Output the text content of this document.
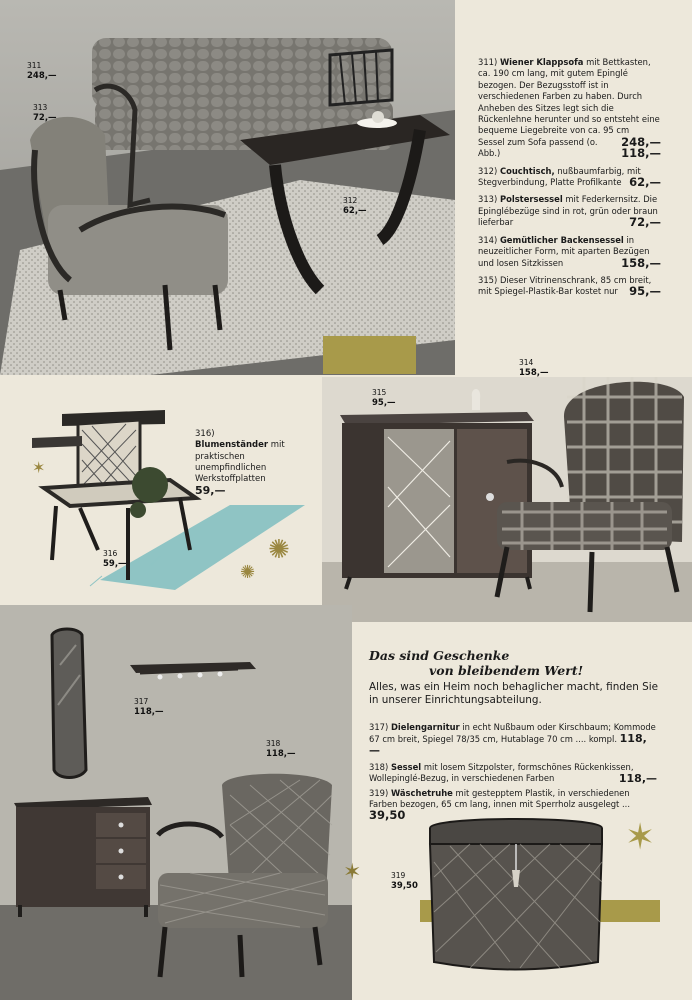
311
248,—
313
72,—
312
62,—

311) Wiener Klappsofa mit Bettkasten, ca. 190 cm lang, mit gutem Epinglé bezogen. Der Bezugsstoff ist in verschiedenen Farben zu haben. Durch Anheben des Sitzes legt sich die Rückenlehne herunter und so entsteht eine bequeme Liegebreite von ca. 95 cm
248,—

Sessel zum Sofa passend (o. Abb.)	118,—

312) Couchtisch, nußbaumfarbig, mit Stegverbindung, Platte Profilkante 62,—

313) Polstersessel mit Federkernsitz. Die Epinglébezüge sind in rot, grün oder braun lieferbar	72,—

314) Gemütlicher Backensessel in neuzeitlicher Form, mit aparten Bezügen und losen Sitzkissen	158,—

315) Dieser Vitrinenschrank, 85 cm breit, mit Spiegel-Plastik-Bar kostet nur 95,—

✶
✺
✺
316) Blumenständer mit praktischen unempfindlichen Werkstoffplatten 59,—
316
59,—
315
95,—
314
158,—
317
118,—
318
118,—
Das sind Geschenke
von bleibendem Wert!
Alles, was ein Heim noch behaglicher macht, finden Sie in unserer Einrichtungsabteilung.
317) Dielengarnitur in echt Nußbaum oder Kirschbaum; Kommode 67 cm breit, Spiegel 78/35 cm, Hutablage 70 cm .... kompl. 118,—
318) Sessel mit losem Sitzpolster, formschönes Rückenkissen, Wollepinglé-Bezug, in verschiedenen Farben	118,—
319) Wäschetruhe mit gestepptem Plastik, in verschiedenen Farben bezogen, 65 cm lang, innen mit Sperrholz ausgelegt ... 39,50
319
39,50
✶
✶
